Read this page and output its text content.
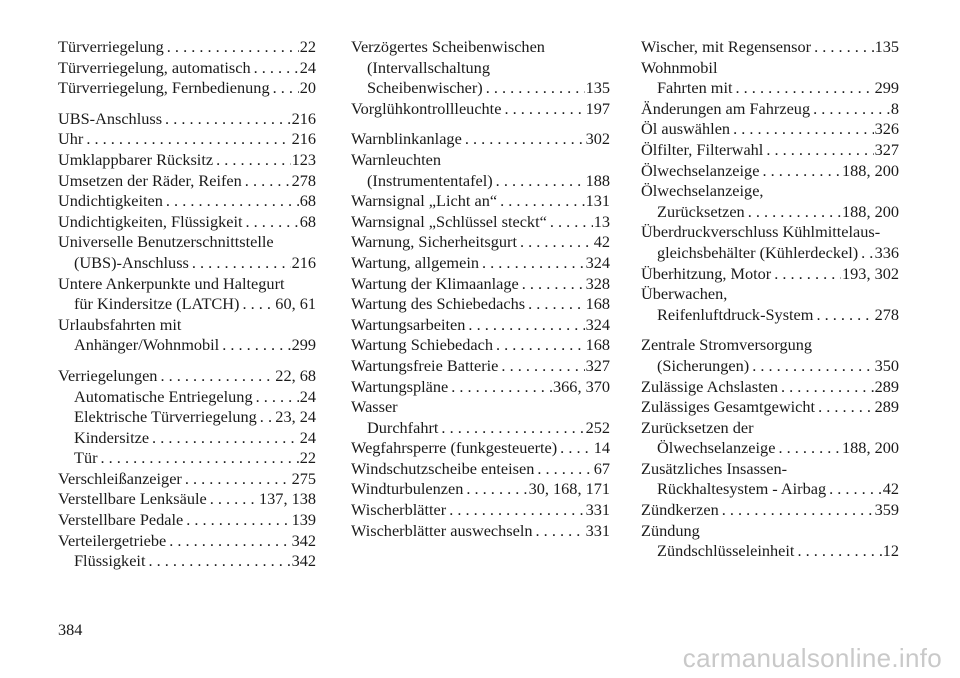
Türverriegelung . . .	22
Türverriegelung, automatisch . . .	24
Türverriegelung, Fernbedienung . . . 20
UBS-Anschluss . . .	216
Uhr . . .	216
Umklappbarer Rücksitz . . .	123
Umsetzen der Räder, Reifen . . .	278
Undichtigkeiten . . .	68
Undichtigkeiten, Flüssigkeit . . .	68
Universelle Benutzerschnittstelle
(UBS)-Anschluss . . .	216
Untere Ankerpunkte und Haltegurt
für Kindersitze (LATCH) . . . 60, 61
Urlaubsfahrten mit
Anhänger/Wohnmobil . . .	299
Verriegelungen . . .	22, 68
Automatische Entriegelung . . .	24
Elektrische Türverriegelung . . . 23, 24
Kindersitze . . .	24
Tür . . .	22
Verschleißanzeiger . . .	275
Verstellbare Lenksäule . . .	137, 138
Verstellbare Pedale . . .	139
Verteilergetriebe . . .	342
Flüssigkeit . . .	342
Verzögertes Scheibenwischen
(Intervallschaltung
Scheibenwischer) . . .	135
Vorglühkontrollleuchte . . .	197
Warnblinkanlage . . .	302
Warnleuchten
(Instrumententafel) . . .	188
Warnsignal „Licht an“ . . .	131
Warnsignal „Schlüssel steckt“ . . .	13
Warnung, Sicherheitsgurt . . .	42
Wartung, allgemein . . .	324
Wartung der Klimaanlage . . .	328
Wartung des Schiebedachs . . .	168
Wartungsarbeiten . . .	324
Wartung Schiebedach . . .	168
Wartungsfreie Batterie . . .	327
Wartungspläne . . .	366, 370
Wasser
Durchfahrt . . .	252
Wegfahrsperre (funkgesteuerte) . . . 14
Windschutzscheibe enteisen . . .	67
Windturbulenzen . . .	30, 168, 171
Wischerblätter . . .	331
Wischerblätter auswechseln . . .	331
Wischer, mit Regensensor . . .	135
Wohnmobil
Fahrten mit . . .	299
Änderungen am Fahrzeug . . .	8
Öl auswählen . . .	326
Ölfilter, Filterwahl . . .	327
Ölwechselanzeige . . .	188, 200
Ölwechselanzeige,
Zurücksetzen . . .	188, 200
Überdruckverschluss Kühlmittelaus-
gleichsbehälter (Kühlerdeckel) . . . 336
Überhitzung, Motor . . .	193, 302
Überwachen,
Reifenluftdruck-System . . .	278
Zentrale Stromversorgung
(Sicherungen) . . .	350
Zulässige Achslasten . . .	289
Zulässiges Gesamtgewicht . . .	289
Zurücksetzen der
Ölwechselanzeige . . .	188, 200
Zusätzliches Insassen-
Rückhaltesystem - Airbag . . .	42
Zündkerzen . . .	359
Zündung
Zündschlüsseleinheit . . .	12
384
carmanualsonline.info
